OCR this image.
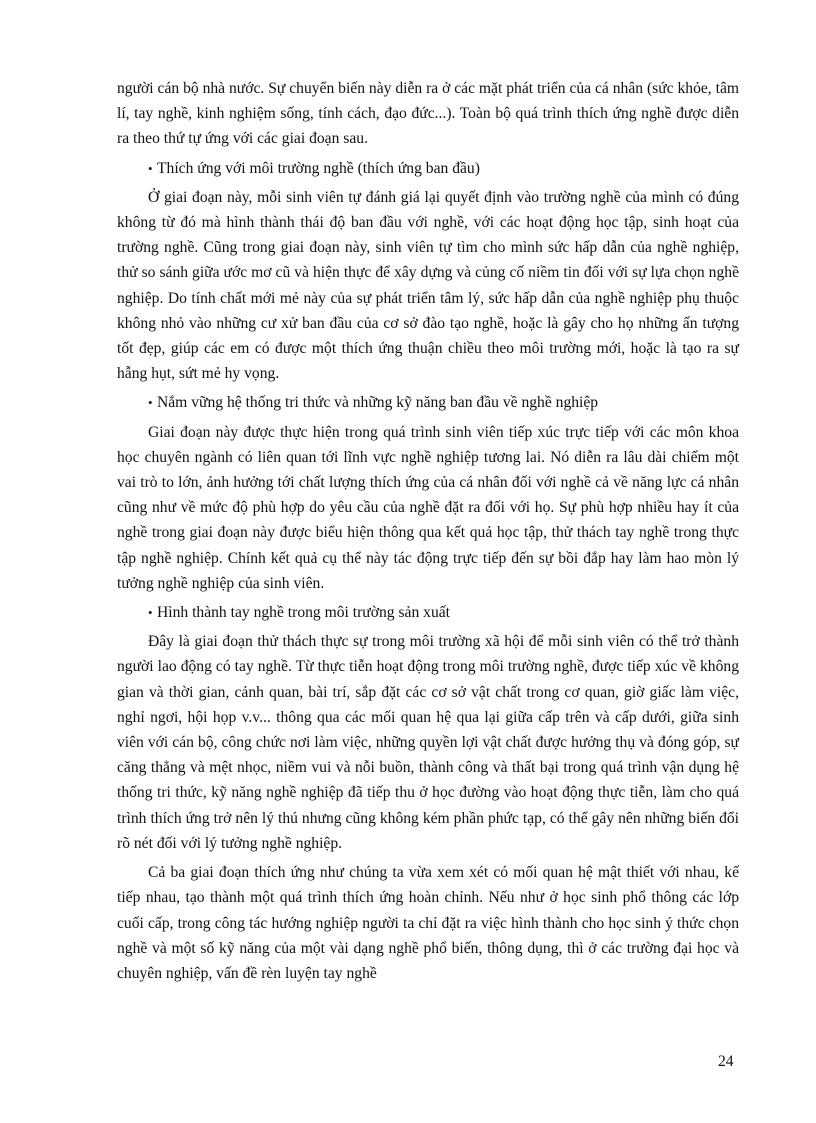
người cán bộ nhà nước. Sự chuyển biến này diễn ra ở các mặt phát triển của cá nhân (sức khỏe, tâm lí, tay nghề, kinh nghiệm sống, tính cách, đạo đức...). Toàn bộ quá trình thích ứng nghề được diễn ra theo thứ tự ứng với các giai đoạn sau.

• Thích ứng với môi trường nghề (thích ứng ban đầu)

Ở giai đoạn này, mỗi sinh viên tự đánh giá lại quyết định vào trường nghề của mình có đúng không từ đó mà hình thành thái độ ban đầu với nghề, với các hoạt động học tập, sinh hoạt của trường nghề. Cũng trong giai đoạn này, sinh viên tự tìm cho mình sức hấp dẫn của nghề nghiệp, thử so sánh giữa ước mơ cũ và hiện thực để xây dựng và củng cố niềm tin đối với sự lựa chọn nghề nghiệp. Do tính chất mới mẻ này của sự phát triển tâm lý, sức hấp dẫn của nghề nghiệp phụ thuộc không nhỏ vào những cư xử ban đầu của cơ sở đào tạo nghề, hoặc là gây cho họ những ấn tượng tốt đẹp, giúp các em có được một thích ứng thuận chiều theo môi trường mới, hoặc là tạo ra sự hẫng hụt, sứt mẻ hy vọng.

• Nắm vững hệ thống tri thức và những kỹ năng ban đầu về nghề nghiệp

Giai đoạn này được thực hiện trong quá trình sinh viên tiếp xúc trực tiếp với các môn khoa học chuyên ngành có liên quan tới lĩnh vực nghề nghiệp tương lai. Nó diễn ra lâu dài chiếm một vai trò to lớn, ảnh hưởng tới chất lượng thích ứng của cá nhân đối với nghề cả về năng lực cá nhân cũng như về mức độ phù hợp do yêu cầu của nghề đặt ra đối với họ. Sự phù hợp nhiều hay ít của nghề trong giai đoạn này được biểu hiện thông qua kết quả học tập, thử thách tay nghề trong thực tập nghề nghiệp. Chính kết quả cụ thể này tác động trực tiếp đến sự bồi đắp hay làm hao mòn lý tưởng nghề nghiệp của sinh viên.

• Hình thành tay nghề trong môi trường sản xuất

Đây là giai đoạn thử thách thực sự trong môi trường xã hội để mỗi sinh viên có thể trở thành người lao động có tay nghề. Từ thực tiễn hoạt động trong môi trường nghề, được tiếp xúc về không gian và thời gian, cảnh quan, bài trí, sắp đặt các cơ sở vật chất trong cơ quan, giờ giấc làm việc, nghỉ ngơi, hội họp v.v... thông qua các mối quan hệ qua lại giữa cấp trên và cấp dưới, giữa sinh viên với cán bộ, công chức nơi làm việc, những quyền lợi vật chất được hưởng thụ và đóng góp, sự căng thẳng và mệt nhọc, niềm vui và nỗi buồn, thành công và thất bại trong quá trình vận dụng hệ thống tri thức, kỹ năng nghề nghiệp đã tiếp thu ở học đường vào hoạt động thực tiễn, làm cho quá trình thích ứng trở nên lý thú nhưng cũng không kém phần phức tạp, có thể gây nên những biến đổi rõ nét đối với lý tưởng nghề nghiệp.

Cả ba giai đoạn thích ứng như chúng ta vừa xem xét có mối quan hệ mật thiết với nhau, kế tiếp nhau, tạo thành một quá trình thích ứng hoàn chỉnh. Nếu như ở học sinh phổ thông các lớp cuối cấp, trong công tác hướng nghiệp người ta chỉ đặt ra việc hình thành cho học sinh ý thức chọn nghề và một số kỹ năng của một vài dạng nghề phổ biến, thông dụng, thì ở các trường đại học và chuyên nghiệp, vấn đề rèn luyện tay nghề

24
